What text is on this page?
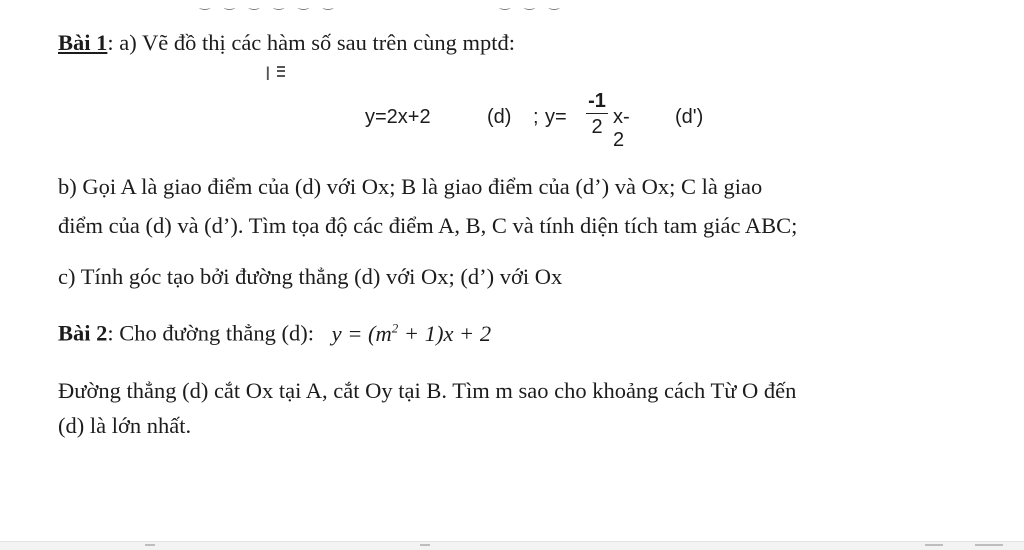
‿ ‿ ‿ ‿ ‿ ‿	‿ ‿ ‿
Bài 1: a) Vẽ đồ thị các hàm số sau trên cùng mptđ:
I
y=2x+2	(d) ; y=
-1
2 x-2
(d')
b) Gọi A là giao điểm của (d) với Ox; B là giao điểm của (d’) và Ox; C là giao
điểm của (d) và (d’). Tìm tọa độ các điểm A, B, C và tính diện tích tam giác ABC;
c) Tính góc tạo bởi đường thẳng (d) với Ox; (d’) với Ox
Bài 2: Cho đường thẳng (d): $y = (m^2 + 1)x + 2$
Đường thẳng (d) cắt Ox tại A, cắt Oy tại B. Tìm m sao cho khoảng cách Từ O đến
(d) là lớn nhất.
